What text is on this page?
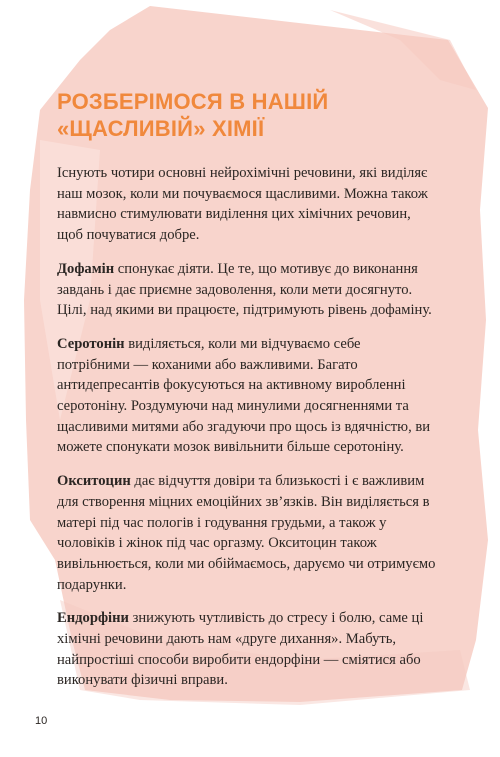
РОЗБЕРІМОСЯ В НАШІЙ
«ЩАСЛИВІЙ» ХІМІЇ

Існують чотири основні нейрохімічні речовини, які виділяє наш мозок, коли ми почуваємося щасливими. Можна також навмисно стимулювати виділення цих хімічних речовин, щоб почуватися добре.

Дофамін спонукає діяти. Це те, що мотивує до виконання завдань і дає приємне задоволення, коли мети досягнуто. Цілі, над якими ви працюєте, підтримують рівень дофаміну.

Серотонін виділяється, коли ми відчуваємо себе потрібними — коханими або важливими. Багато антидепресантів фокусуються на активному виробленні серотоніну. Роздумуючи над минулими досягненнями та щасливими митями або згадуючи про щось із вдячністю, ви можете спонукати мозок вивільнити більше серотоніну.

Окситоцин дає відчуття довіри та близькості і є важливим для створення міцних емоційних зв’язків. Він виділяється в матері під час пологів і годування грудьми, а також у чоловіків і жінок під час оргазму. Окситоцин також вивільнюється, коли ми обіймаємось, даруємо чи отримуємо подарунки.

Ендорфіни знижують чутливість до стресу і болю, саме ці хімічні речовини дають нам «друге дихання». Мабуть, найпростіші способи виробити ендорфіни — сміятися або виконувати фізичні вправи.

10
